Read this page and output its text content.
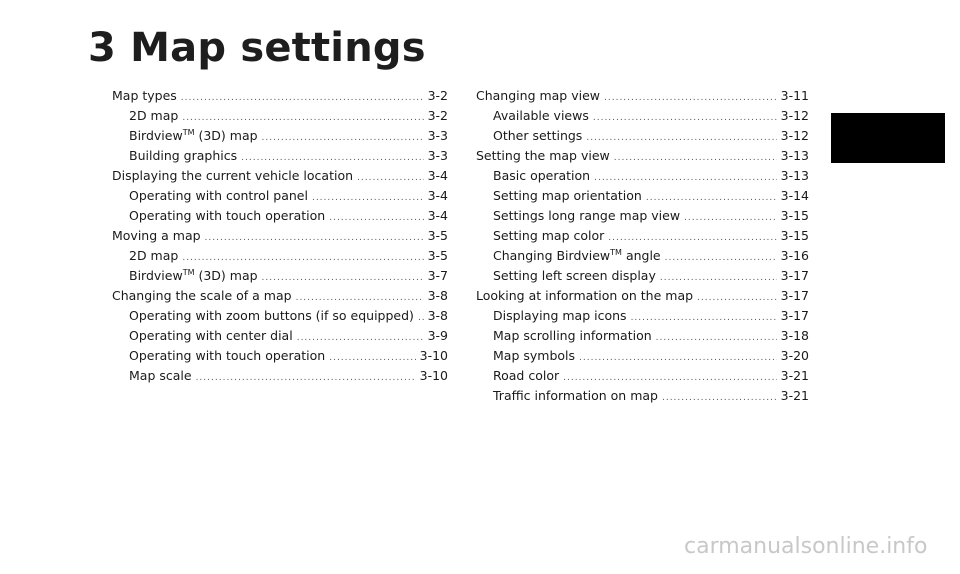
3 Map settings
Map types .....	3-2
2D map .....	3-2
Birdview™ (3D) map .....	3-3
Building graphics .....	3-3
Displaying the current vehicle location .....	3-4
Operating with control panel .....	3-4
Operating with touch operation .....	3-4
Moving a map .....	3-5
2D map .....	3-5
Birdview™ (3D) map .....	3-7
Changing the scale of a map .....	3-8
Operating with zoom buttons (if so equipped) ..... 3-8
Operating with center dial .....	3-9
Operating with touch operation .....	3-10
Map scale .....	3-10
Changing map view .....	3-11
Available views .....	3-12
Other settings .....	3-12
Setting the map view .....	3-13
Basic operation .....	3-13
Setting map orientation .....	3-14
Settings long range map view .....	3-15
Setting map color .....	3-15
Changing Birdview™ angle .....	3-16
Setting left screen display .....	3-17
Looking at information on the map .....	3-17
Displaying map icons .....	3-17
Map scrolling information .....	3-18
Map symbols .....	3-20
Road color .....	3-21
Traffic information on map .....	3-21
carmanualsonline.info
